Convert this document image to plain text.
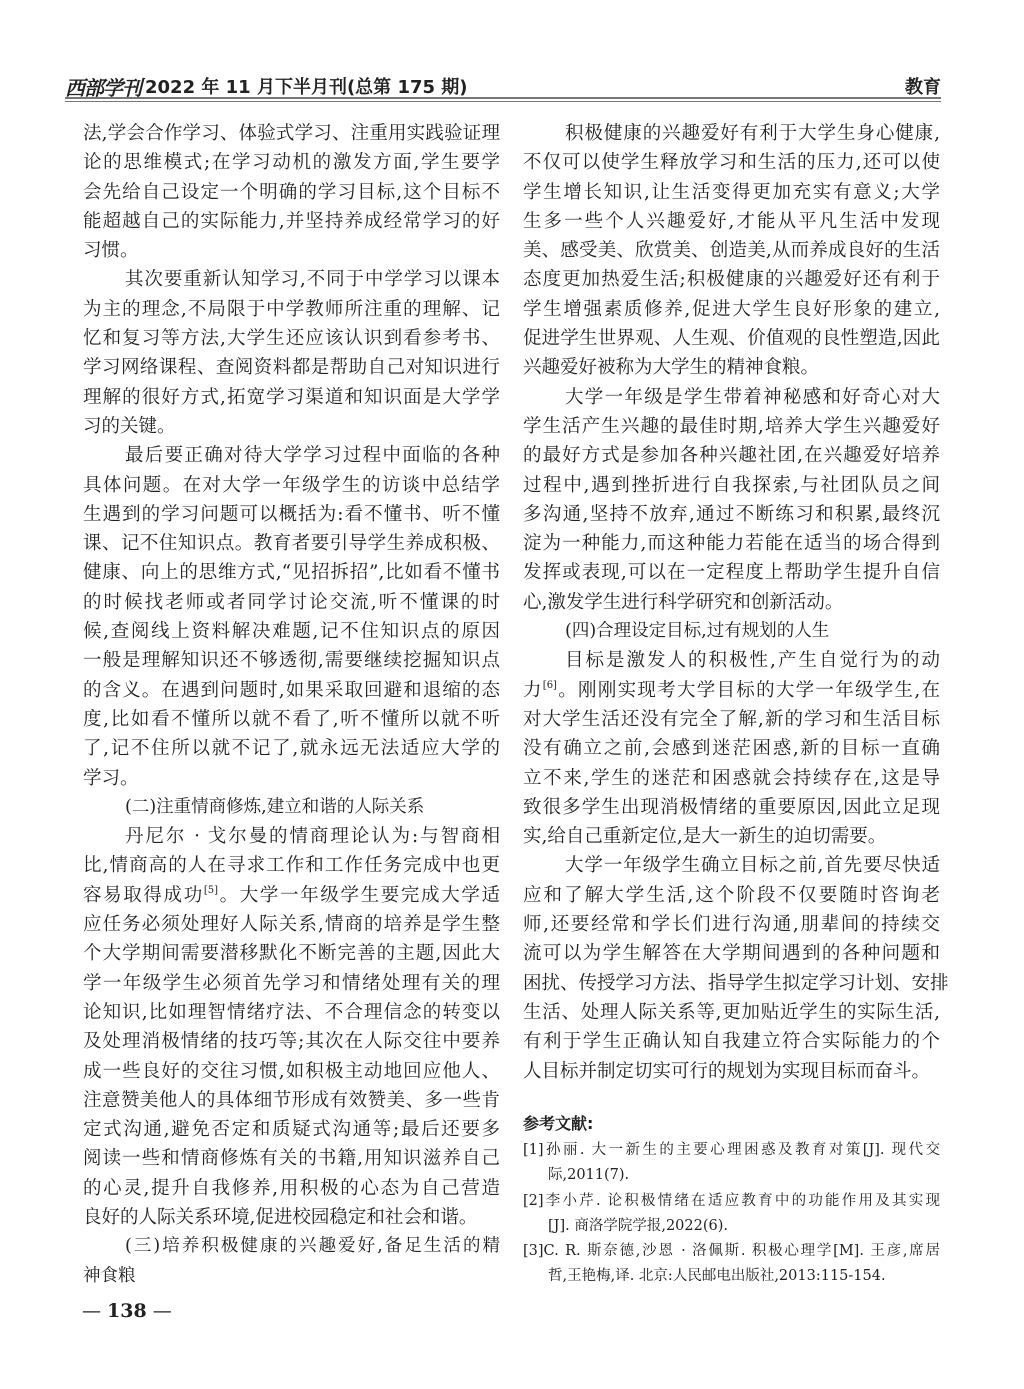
西部学刊 2022 年 11 月下半月刊(总第 175 期)	教育
法,学会合作学习、体验式学习、注重用实践验证理
论的思维模式;在学习动机的激发方面,学生要学
会先给自己设定一个明确的学习目标,这个目标不
能超越自己的实际能力,并坚持养成经常学习的好
习惯。
其次要重新认知学习,不同于中学学习以课本
为主的理念,不局限于中学教师所注重的理解、记
忆和复习等方法,大学生还应该认识到看参考书、
学习网络课程、查阅资料都是帮助自己对知识进行
理解的很好方式,拓宽学习渠道和知识面是大学学
习的关键。
最后要正确对待大学学习过程中面临的各种
具体问题。在对大学一年级学生的访谈中总结学
生遇到的学习问题可以概括为:看不懂书、听不懂
课、记不住知识点。教育者要引导学生养成积极、
健康、向上的思维方式,“见招拆招”,比如看不懂书
的时候找老师或者同学讨论交流,听不懂课的时
候,查阅线上资料解决难题,记不住知识点的原因
一般是理解知识还不够透彻,需要继续挖掘知识点
的含义。在遇到问题时,如果采取回避和退缩的态
度,比如看不懂所以就不看了,听不懂所以就不听
了,记不住所以就不记了,就永远无法适应大学的
学习。
(二)注重情商修炼,建立和谐的人际关系
丹尼尔 · 戈尔曼的情商理论认为:与智商相
比,情商高的人在寻求工作和工作任务完成中也更
容易取得成功[5]。大学一年级学生要完成大学适
应任务必须处理好人际关系,情商的培养是学生整
个大学期间需要潜移默化不断完善的主题,因此大
学一年级学生必须首先学习和情绪处理有关的理
论知识,比如理智情绪疗法、不合理信念的转变以
及处理消极情绪的技巧等;其次在人际交往中要养
成一些良好的交往习惯,如积极主动地回应他人、
注意赞美他人的具体细节形成有效赞美、多一些肯
定式沟通,避免否定和质疑式沟通等;最后还要多
阅读一些和情商修炼有关的书籍,用知识滋养自己
的心灵,提升自我修养,用积极的心态为自己营造
良好的人际关系环境,促进校园稳定和社会和谐。
(三)培养积极健康的兴趣爱好,备足生活的精
神食粮
积极健康的兴趣爱好有利于大学生身心健康,
不仅可以使学生释放学习和生活的压力,还可以使
学生增长知识,让生活变得更加充实有意义;大学
生多一些个人兴趣爱好,才能从平凡生活中发现
美、感受美、欣赏美、创造美,从而养成良好的生活
态度更加热爱生活;积极健康的兴趣爱好还有利于
学生增强素质修养,促进大学生良好形象的建立,
促进学生世界观、人生观、价值观的良性塑造,因此
兴趣爱好被称为大学生的精神食粮。
大学一年级是学生带着神秘感和好奇心对大
学生活产生兴趣的最佳时期,培养大学生兴趣爱好
的最好方式是参加各种兴趣社团,在兴趣爱好培养
过程中,遇到挫折进行自我探索,与社团队员之间
多沟通,坚持不放弃,通过不断练习和积累,最终沉
淀为一种能力,而这种能力若能在适当的场合得到
发挥或表现,可以在一定程度上帮助学生提升自信
心,激发学生进行科学研究和创新活动。
(四)合理设定目标,过有规划的人生
目标是激发人的积极性,产生自觉行为的动
力[6]。刚刚实现考大学目标的大学一年级学生,在
对大学生活还没有完全了解,新的学习和生活目标
没有确立之前,会感到迷茫困惑,新的目标一直确
立不来,学生的迷茫和困惑就会持续存在,这是导
致很多学生出现消极情绪的重要原因,因此立足现
实,给自己重新定位,是大一新生的迫切需要。
大学一年级学生确立目标之前,首先要尽快适
应和了解大学生活,这个阶段不仅要随时咨询老
师,还要经常和学长们进行沟通,朋辈间的持续交
流可以为学生解答在大学期间遇到的各种问题和
困扰、传授学习方法、指导学生拟定学习计划、安排
生活、处理人际关系等,更加贴近学生的实际生活,
有利于学生正确认知自我建立符合实际能力的个
人目标并制定切实可行的规划为实现目标而奋斗。
参考文献:
[1]孙丽. 大一新生的主要心理困惑及教育对策[J]. 现代交
际,2011(7).
[2]李小芹. 论积极情绪在适应教育中的功能作用及其实现
[J]. 商洛学院学报,2022(6).
[3]C. R. 斯奈德,沙恩 · 洛佩斯. 积极心理学[M]. 王彦,席居
哲,王艳梅,译. 北京:人民邮电出版社,2013:115-154.
— 138 —
